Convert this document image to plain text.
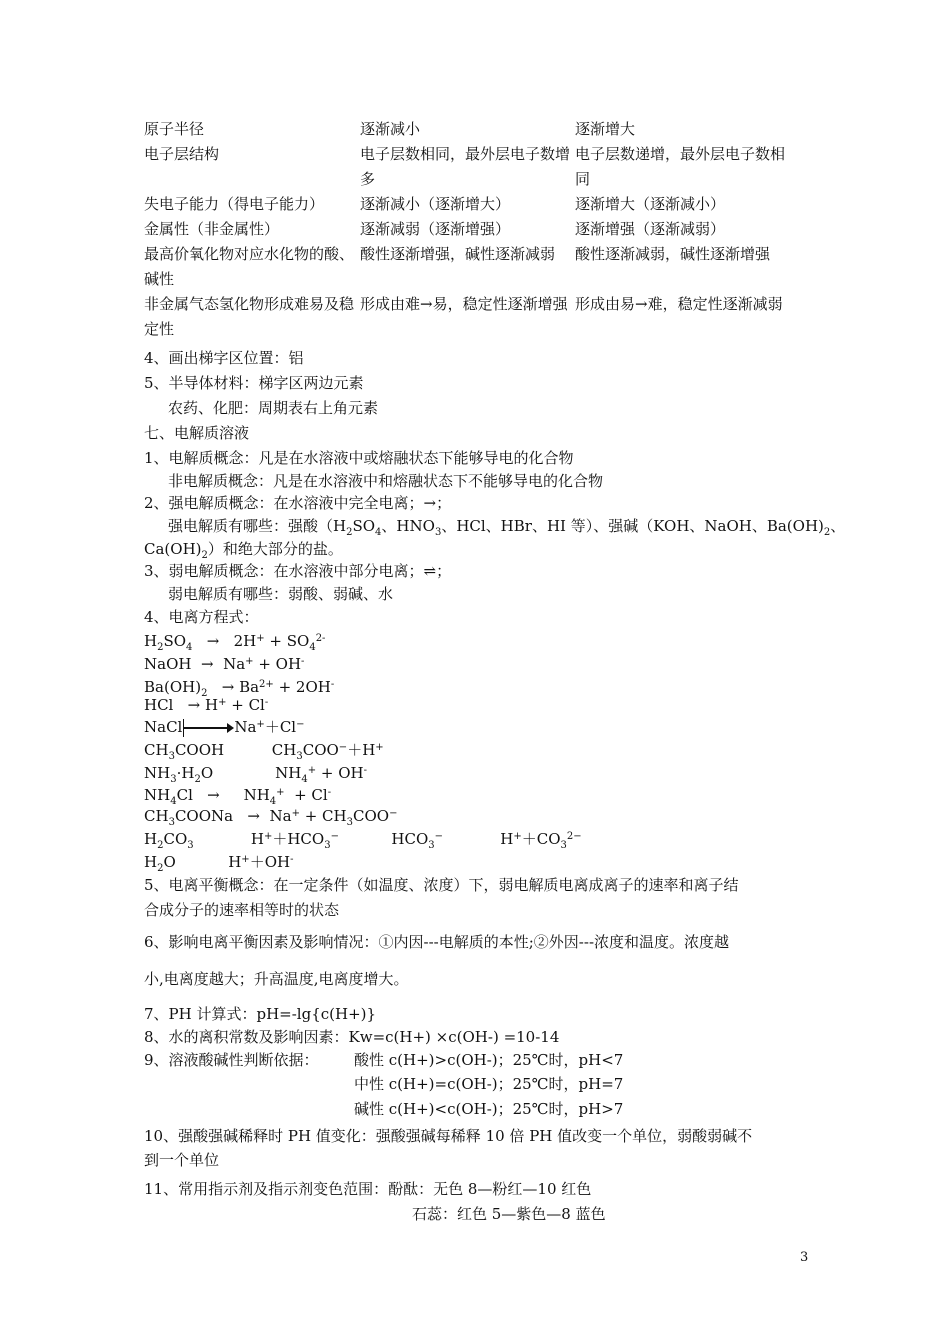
原子半径	逐渐减小	逐渐增大
电子层结构	电子层数相同，最外层电子数增多	电子层数递增，最外层电子数相同
失电子能力（得电子能力）	逐渐减小（逐渐增大）	逐渐增大（逐渐减小）
金属性（非金属性）	逐渐减弱（逐渐增强）	逐渐增强（逐渐减弱）
最高价氧化物对应水化物的酸、碱性	酸性逐渐增强，碱性逐渐减弱	酸性逐渐减弱，碱性逐渐增强
非金属气态氢化物形成难易及稳定性	形成由难→易，稳定性逐渐增强	形成由易→难，稳定性逐渐减弱
4、画出梯字区位置：铝
5、半导体材料：梯字区两边元素
农药、化肥：周期表右上角元素
七、电解质溶液
1、电解质概念：凡是在水溶液中或熔融状态下能够导电的化合物
非电解质概念：凡是在水溶液中和熔融状态下不能够导电的化合物
2、强电解质概念：在水溶液中完全电离；→；
强电解质有哪些：强酸（$H_2SO_4$、$HNO_3$、HCl、HBr、HI 等）、强碱（KOH、NaOH、$Ba(OH)_2$、
$Ca(OH)_2$）和绝大部分的盐。
3、弱电解质概念：在水溶液中部分电离；⇌；
弱电解质有哪些：弱酸、弱碱、水
4、电离方程式：
$H_2SO_4 \to 2H^+ + SO_4^{2-}$
NaOH  →  Na+ + OH-
$Ba(OH)_2 \to Ba^{2+} + 2OH^-$
HCl   → H+ + Cl-
NaCl	Na+＋Cl−
$CH_3COOH$          $CH_3COO^-+H^+$
$NH_3\cdot H_2O$             $NH_4^+ + OH^-$
$NH_4Cl$   →     $NH_4^+ + Cl^-$
$CH_3COONa \to Na^+ + CH_3COO^-$
$H_2CO_3$            $H^++HCO_3^-$           $HCO_3^-$            $H^++CO_3^{2-}$
$H_2O$           H+＋OH-
5、电离平衡概念：在一定条件（如温度、浓度）下，弱电解质电离成离子的速率和离子结
合成分子的速率相等时的状态
6、影响电离平衡因素及影响情况：①内因---电解质的本性;②外因---浓度和温度。浓度越
小,电离度越大；升高温度,电离度增大。
7、PH 计算式：pH=-lg{c(H+)}
8、水的离积常数及影响因素：Kw=c(H+) ×c(OH-) =10-14
9、溶液酸碱性判断依据： 酸性 c(H+)>c(OH-)；25℃时，pH<7
中性 c(H+)=c(OH-)；25℃时，pH=7
碱性 c(H+)<c(OH-)；25℃时，pH>7
10、强酸强碱稀释时 PH 值变化：强酸强碱每稀释 10 倍 PH 值改变一个单位，弱酸弱碱不
到一个单位
11、常用指示剂及指示剂变色范围：酚酞：无色 8—粉红—10 红色
石蕊：红色 5—紫色—8 蓝色
3
